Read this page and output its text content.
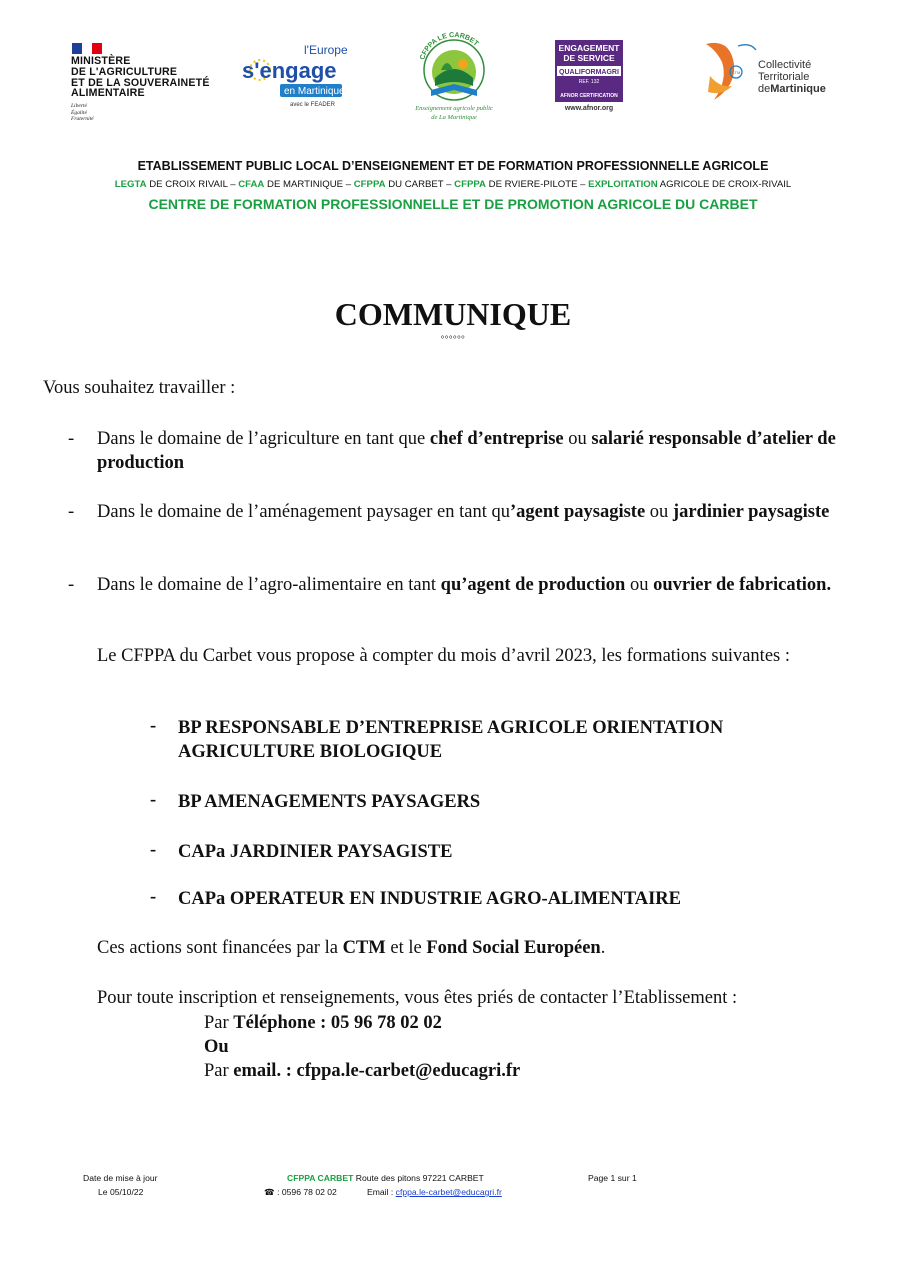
MINISTÈRE
DE L'AGRICULTURE
ET DE LA SOUVERAINETÉ
ALIMENTAIRE
Liberté
Égalité
Fraternité
l'Europe
s'engage
en Martinique
avec le FEADER
CFPPA LE CARBET
Enseignement agricole public
de La Martinique
ENGAGEMENT
DE SERVICE
QUALIFORMAGRI
REF. 132
AFNOR CERTIFICATION
www.afnor.org
CTM
Collectivité
Territoriale
deMartinique
ETABLISSEMENT PUBLIC LOCAL D’ENSEIGNEMENT ET DE FORMATION PROFESSIONNELLE AGRICOLE
LEGTA DE CROIX RIVAIL – CFAA DE MARTINIQUE – CFPPA DU CARBET – CFPPA DE RVIERE-PILOTE – EXPLOITATION AGRICOLE DE CROIX-RIVAIL
CENTRE DE FORMATION PROFESSIONNELLE ET DE PROMOTION AGRICOLE DU CARBET
COMMUNIQUE
°°°°°°
Vous souhaitez travailler :
- Dans le domaine de l’agriculture en tant que chef d’entreprise ou salarié responsable d’atelier de production
- Dans le domaine de l’aménagement paysager en tant qu’agent paysagiste ou jardinier paysagiste
- Dans le domaine de l’agro-alimentaire en tant qu’agent de production ou ouvrier de fabrication.
Le CFPPA du Carbet vous propose à compter du mois d’avril 2023, les formations suivantes :
- BP RESPONSABLE D’ENTREPRISE AGRICOLE ORIENTATION AGRICULTURE BIOLOGIQUE
- BP AMENAGEMENTS PAYSAGERS
- CAPa JARDINIER PAYSAGISTE
- CAPa OPERATEUR EN INDUSTRIE AGRO-ALIMENTAIRE
Ces actions sont financées par la CTM et le Fond Social Européen.
Pour toute inscription et renseignements, vous êtes priés de contacter l’Etablissement :
Par Téléphone : 05 96 78 02 02
Ou
Par email. : cfppa.le-carbet@educagri.fr
Date de mise à jour
Le 05/10/22
CFPPA CARBET Route des pitons 97221 CARBET
☎ : 0596 78 02 02	Email : cfppa.le-carbet@educagri.fr
Page 1 sur 1
